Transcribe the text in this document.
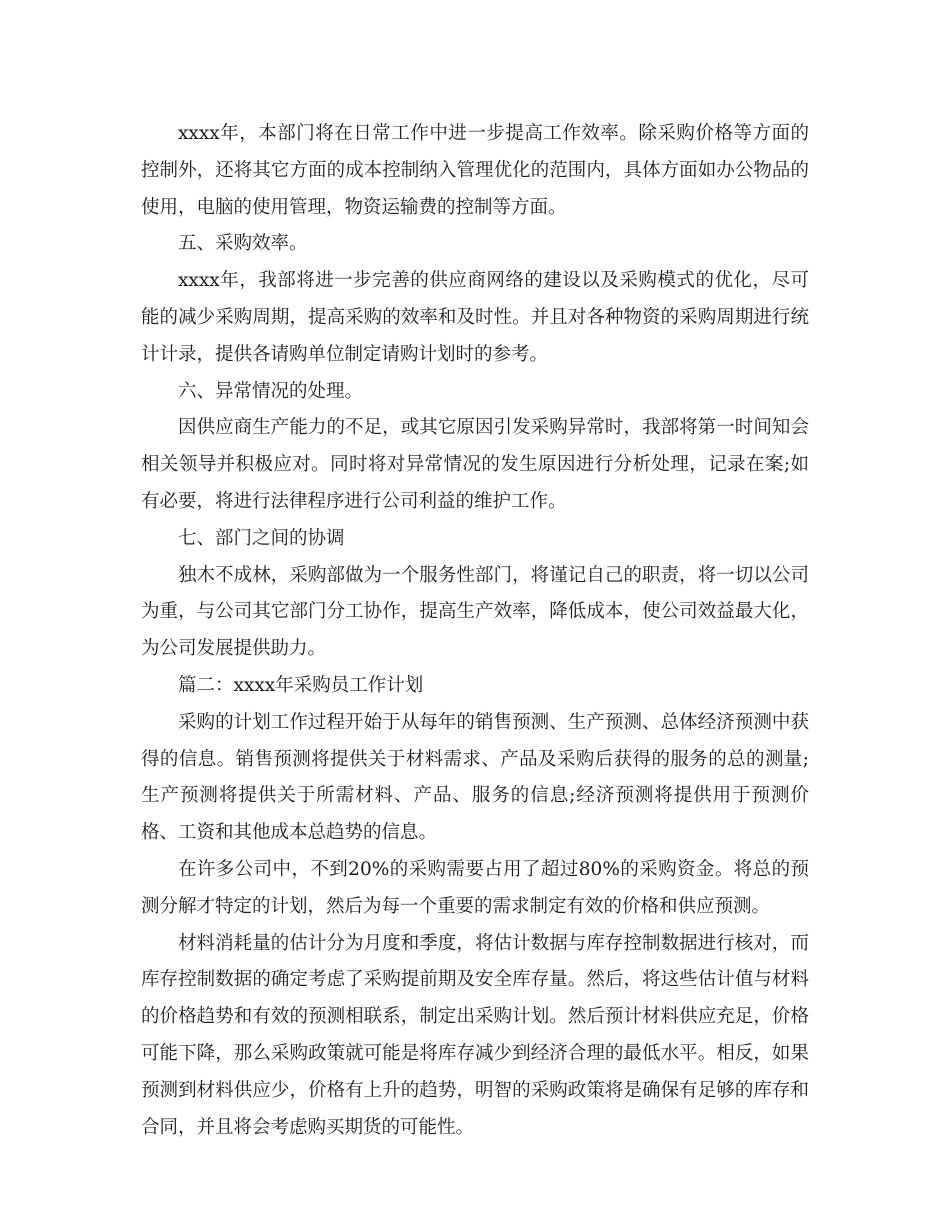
xxxx年，本部门将在日常工作中进一步提高工作效率。除采购价格等方面的控制外，还将其它方面的成本控制纳入管理优化的范围内，具体方面如办公物品的使用，电脑的使用管理，物资运输费的控制等方面。

五、采购效率。

xxxx年，我部将进一步完善的供应商网络的建设以及采购模式的优化，尽可能的减少采购周期，提高采购的效率和及时性。并且对各种物资的采购周期进行统计计录，提供各请购单位制定请购计划时的参考。

六、异常情况的处理。

因供应商生产能力的不足，或其它原因引发采购异常时，我部将第一时间知会相关领导并积极应对。同时将对异常情况的发生原因进行分析处理，记录在案;如有必要，将进行法律程序进行公司利益的维护工作。

七、部门之间的协调

独木不成林，采购部做为一个服务性部门，将谨记自己的职责，将一切以公司为重，与公司其它部门分工协作，提高生产效率，降低成本，使公司效益最大化，为公司发展提供助力。

篇二：xxxx年采购员工作计划

采购的计划工作过程开始于从每年的销售预测、生产预测、总体经济预测中获得的信息。销售预测将提供关于材料需求、产品及采购后获得的服务的总的测量;生产预测将提供关于所需材料、产品、服务的信息;经济预测将提供用于预测价格、工资和其他成本总趋势的信息。

在许多公司中，不到20%的采购需要占用了超过80%的采购资金。将总的预测分解才特定的计划，然后为每一个重要的需求制定有效的价格和供应预测。

材料消耗量的估计分为月度和季度，将估计数据与库存控制数据进行核对，而库存控制数据的确定考虑了采购提前期及安全库存量。然后，将这些估计值与材料的价格趋势和有效的预测相联系，制定出采购计划。然后预计材料供应充足，价格可能下降，那么采购政策就可能是将库存减少到经济合理的最低水平。相反，如果预测到材料供应少，价格有上升的趋势，明智的采购政策将是确保有足够的库存和合同，并且将会考虑购买期货的可能性。
